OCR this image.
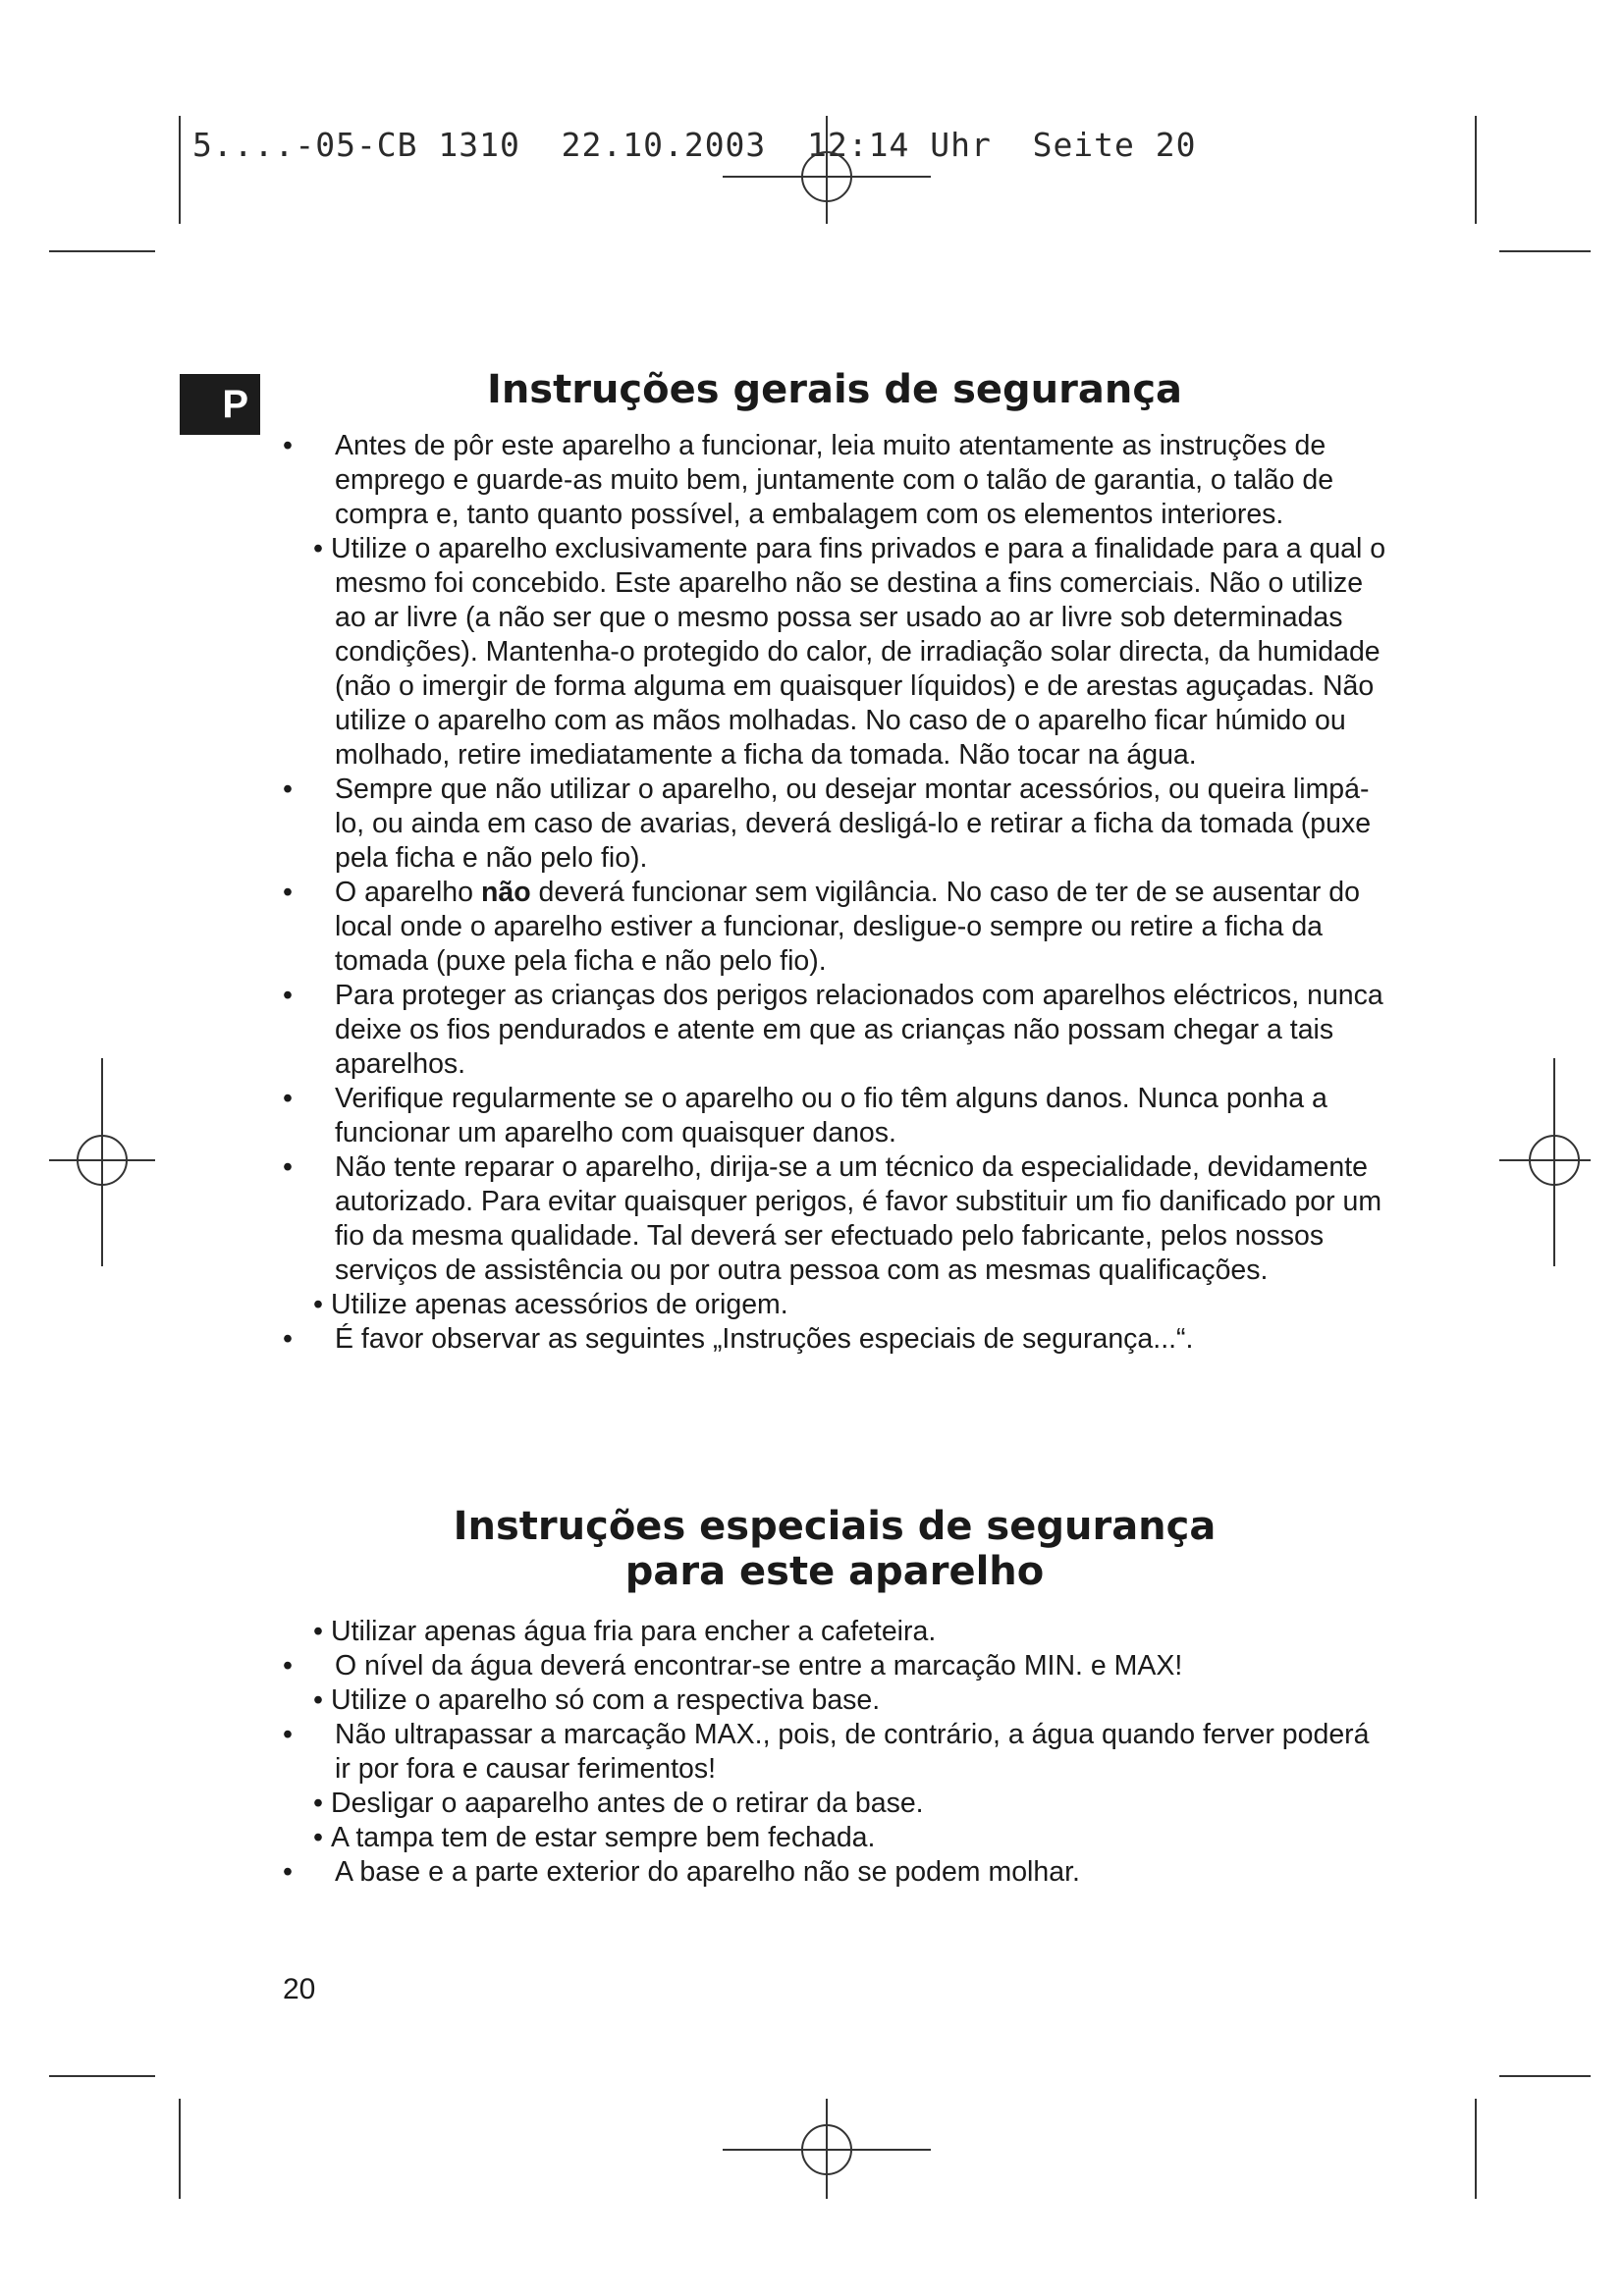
5....-05-CB 1310  22.10.2003  12:14 Uhr  Seite 20
P	Instruções gerais de segurança
• Antes de pôr este aparelho a funcionar, leia muito atentamente as instruções de emprego e guarde-as muito bem, juntamente com o talão de garantia, o talão de compra e, tanto quanto possível, a embalagem com os elementos interiores.
• Utilize o aparelho exclusivamente para fins privados e para a finalidade para a qual o mesmo foi concebido. Este aparelho não se destina a fins comerciais. Não o utilize ao ar livre (a não ser que o mesmo possa ser usado ao ar livre sob determinadas condições). Mantenha-o protegido do calor, de irradiação solar directa, da humidade (não o imergir de forma alguma em quaisquer líquidos) e de arestas aguçadas. Não utilize o aparelho com as mãos molhadas. No caso de o aparelho ficar húmido ou molhado, retire imediatamente a ficha da tomada. Não tocar na água.
• Sempre que não utilizar o aparelho, ou desejar montar acessórios, ou queira limpá-lo, ou ainda em caso de avarias, deverá desligá-lo e retirar a ficha da tomada (puxe pela ficha e não pelo fio).
• O aparelho não deverá funcionar sem vigilância. No caso de ter de se ausentar do local onde o aparelho estiver a funcionar, desligue-o sempre ou retire a ficha da tomada (puxe pela ficha e não pelo fio).
• Para proteger as crianças dos perigos relacionados com aparelhos eléctricos, nunca deixe os fios pendurados e atente em que as crianças não possam chegar a tais aparelhos.
• Verifique regularmente se o aparelho ou o fio têm alguns danos. Nunca ponha a funcionar um aparelho com quaisquer danos.
• Não tente reparar o aparelho, dirija-se a um técnico da especialidade, devidamente autorizado. Para evitar quaisquer perigos, é favor substituir um fio danificado por um fio da mesma qualidade. Tal deverá ser efectuado pelo fabricante, pelos nossos serviços de assistência ou por outra pessoa com as mesmas qualificações.
• Utilize apenas acessórios de origem.
• É favor observar as seguintes „Instruções especiais de segurança...“.
Instruções especiais de segurança
para este aparelho
• Utilizar apenas água fria para encher a cafeteira.
• O nível da água deverá encontrar-se entre a marcação MIN. e MAX!
• Utilize o aparelho só com a respectiva base.
• Não ultrapassar a marcação MAX., pois, de contrário, a água quando ferver poderá ir por fora e causar ferimentos!
• Desligar o aaparelho antes de o retirar da base.
• A tampa tem de estar sempre bem fechada.
• A base e a parte exterior do aparelho não se podem molhar.
20
